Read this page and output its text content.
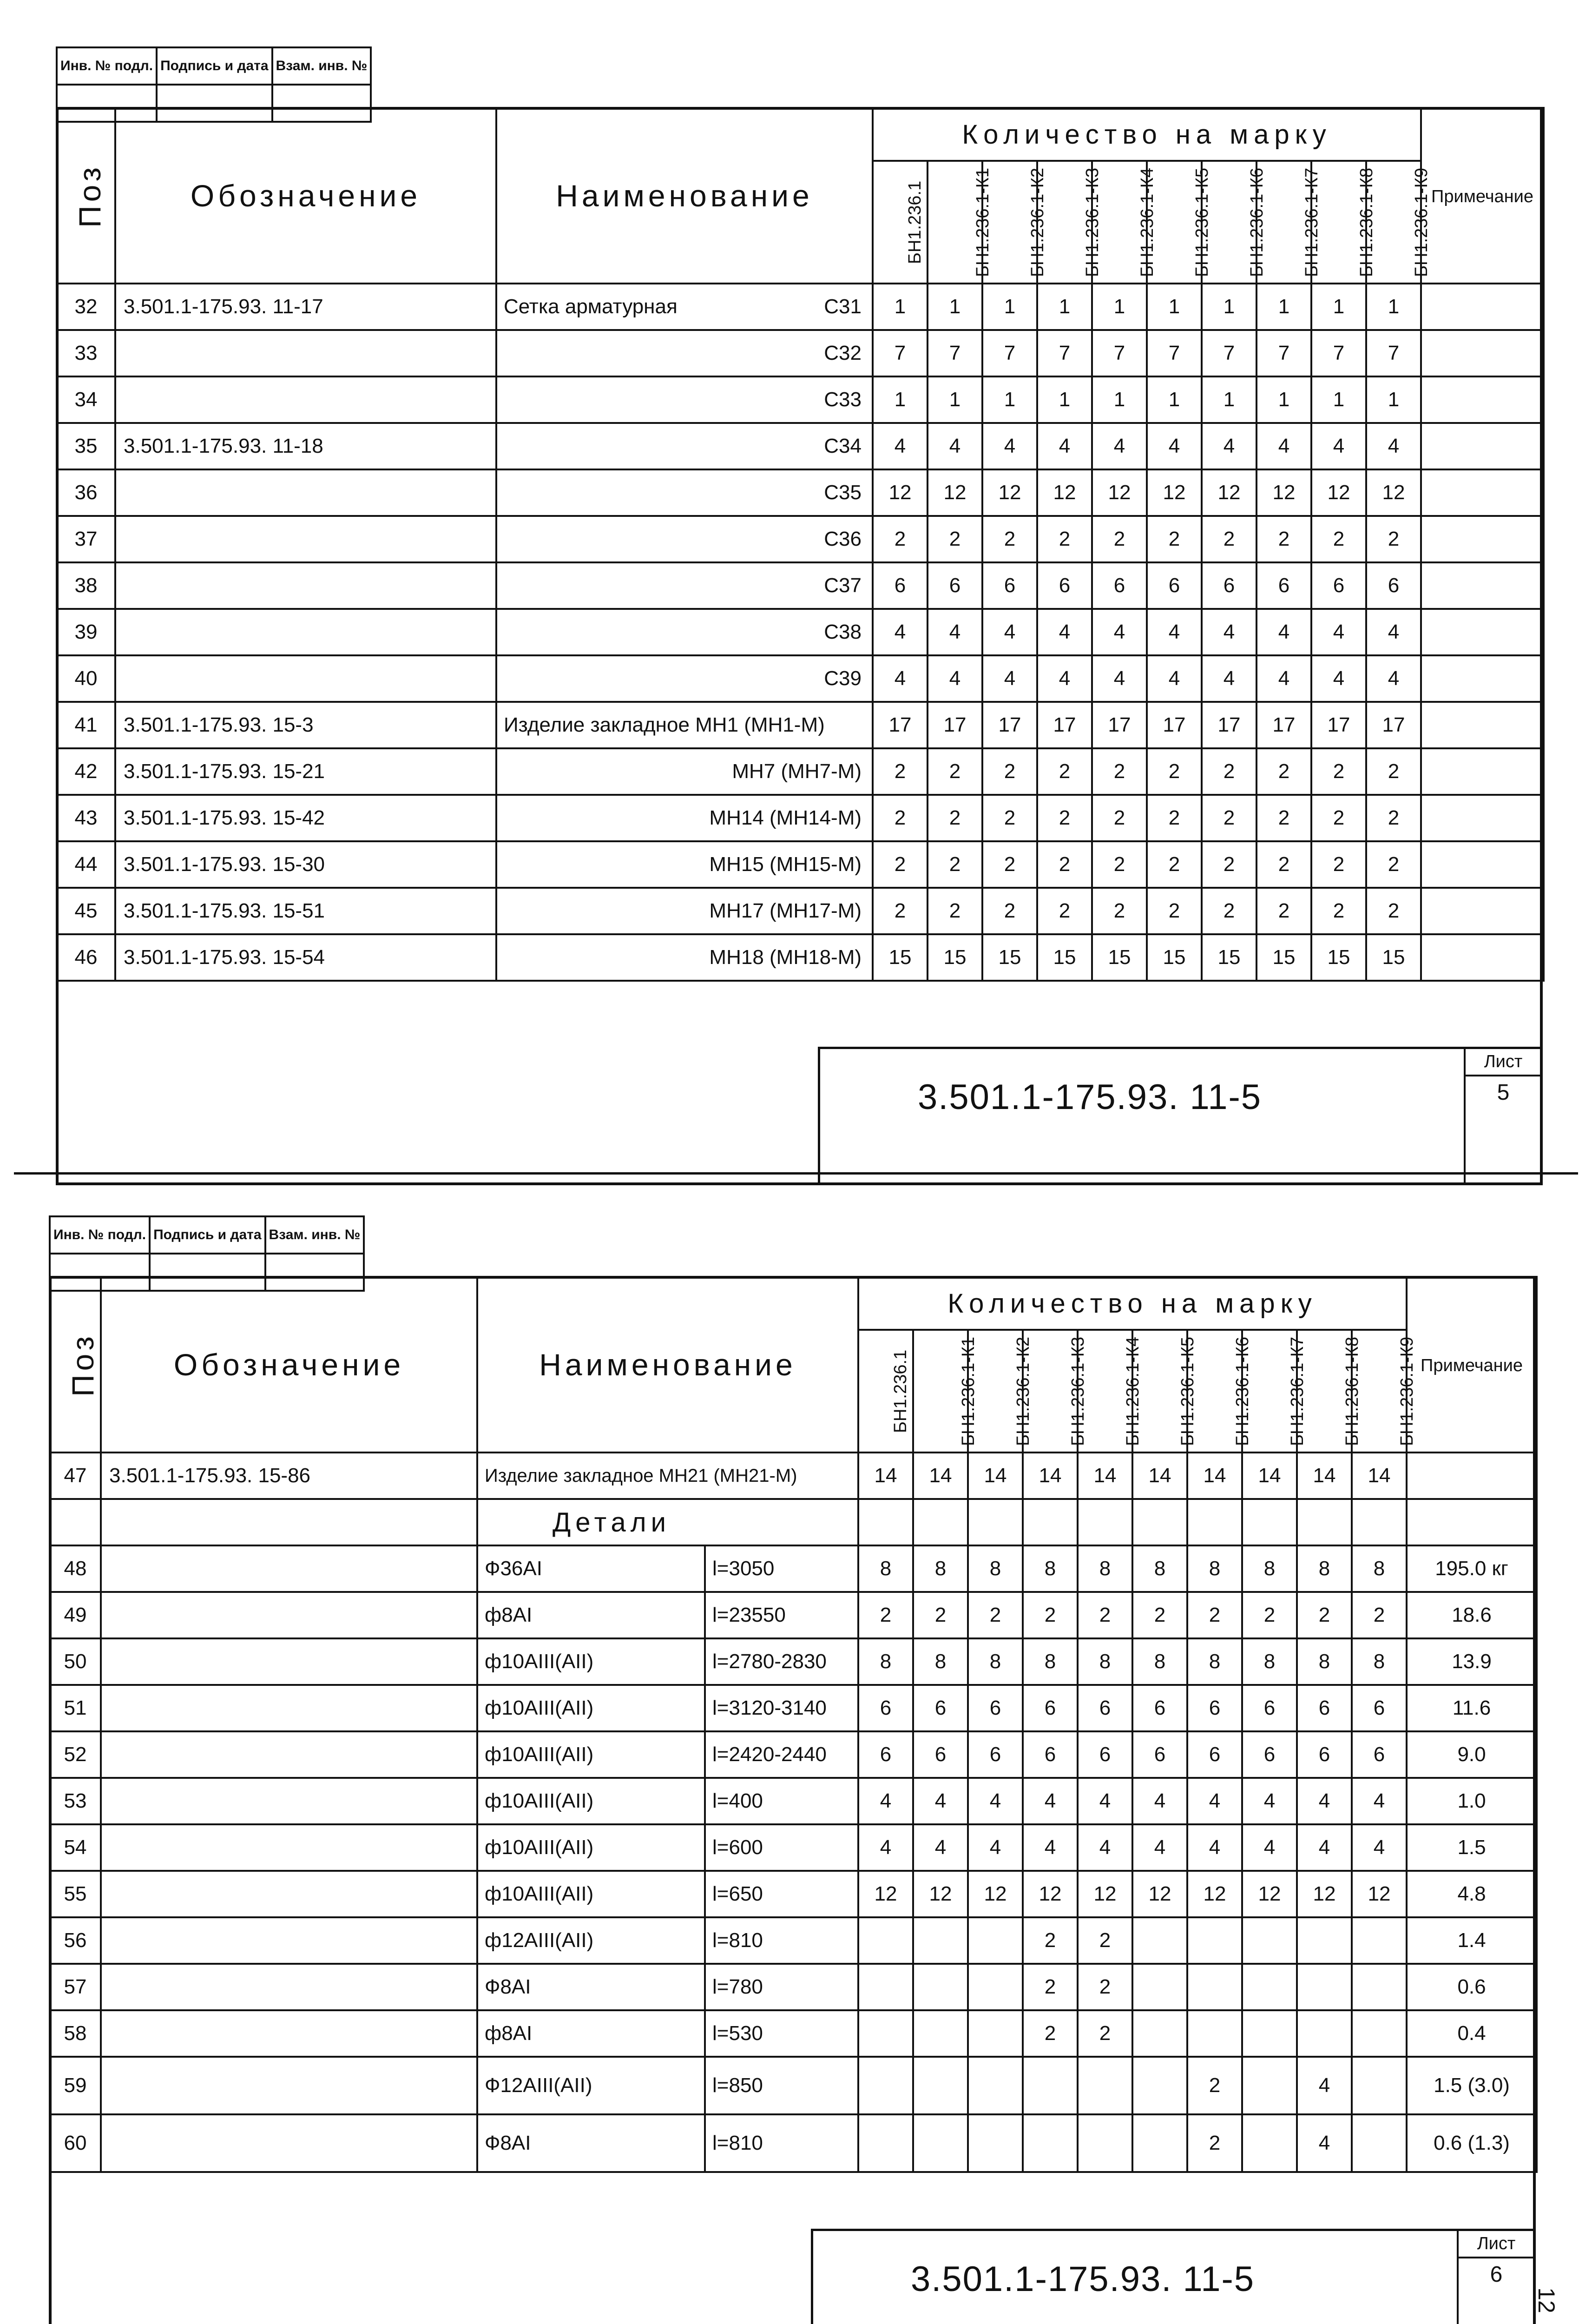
Инв. № подл.	Подпись и дата	Взам. инв. №

Поз	Обозначение	Наименование	Количество на марку										Примечание
			БН1.236.1	БН1.236.1-К1	БН1.236.1-К2	БН1.236.1-К3	БН1.236.1-К4	БН1.236.1-К5	БН1.236.1-К6	БН1.236.1-К7	БН1.236.1-К8	БН1.236.1-К9	
32	3.501.1-175.93. 11-17	Сетка арматурная С31	1	1	1	1	1	1	1	1	1	1	
33		С32	7	7	7	7	7	7	7	7	7	7	
34		С33	1	1	1	1	1	1	1	1	1	1	
35	3.501.1-175.93. 11-18	С34	4	4	4	4	4	4	4	4	4	4	
36		С35	12	12	12	12	12	12	12	12	12	12	
37		С36	2	2	2	2	2	2	2	2	2	2	
38		С37	6	6	6	6	6	6	6	6	6	6	
39		С38	4	4	4	4	4	4	4	4	4	4	
40		С39	4	4	4	4	4	4	4	4	4	4	
41	3.501.1-175.93. 15-3	Изделие закладное МН1 (МН1-М)	17	17	17	17	17	17	17	17	17	17	
42	3.501.1-175.93. 15-21	МН7 (МН7-М)	2	2	2	2	2	2	2	2	2	2	
43	3.501.1-175.93. 15-42	МН14 (МН14-М)	2	2	2	2	2	2	2	2	2	2	
44	3.501.1-175.93. 15-30	МН15 (МН15-М)	2	2	2	2	2	2	2	2	2	2	
45	3.501.1-175.93. 15-51	МН17 (МН17-М)	2	2	2	2	2	2	2	2	2	2	
46	3.501.1-175.93. 15-54	МН18 (МН18-М)	15	15	15	15	15	15	15	15	15	15	

3.501.1-175.93. 11-5
Лист
5
Инв. № подл.	Подпись и дата	Взам. инв. №

Поз	Обозначение	Наименование		Количество на марку										Примечание
				БН1.236.1	БН1.236.1-К1	БН1.236.1-К2	БН1.236.1-К3	БН1.236.1-К4	БН1.236.1-К5	БН1.236.1-К6	БН1.236.1-К7	БН1.236.1-К8	БН1.236.1-К9	
47	3.501.1-175.93. 15-86	Изделие закладное МН21 (МН21-М)		14	14	14	14	14	14	14	14	14	14	
		Детали												
48		Ф36АI	l=3050	8	8	8	8	8	8	8	8	8	8	195.0 кг
49		ф8АI	l=23550	2	2	2	2	2	2	2	2	2	2	18.6
50		ф10АIII(АII)	l=2780-2830	8	8	8	8	8	8	8	8	8	8	13.9
51		ф10АIII(АII)	l=3120-3140	6	6	6	6	6	6	6	6	6	6	11.6
52		ф10АIII(АII)	l=2420-2440	6	6	6	6	6	6	6	6	6	6	9.0
53		ф10АIII(АII)	l=400	4	4	4	4	4	4	4	4	4	4	1.0
54		ф10АIII(АII)	l=600	4	4	4	4	4	4	4	4	4	4	1.5
55		ф10АIII(АII)	l=650	12	12	12	12	12	12	12	12	12	12	4.8
56		ф12АIII(АII)	l=810				2	2						1.4
57		Ф8АI	l=780				2	2						0.6
58		ф8АI	l=530				2	2						0.4
59		Ф12АIII(АII)	l=850							2		4		1.5 (3.0)
60		Ф8АI	l=810							2		4		0.6 (1.3)
3.501.1-175.93. 11-5
Лист
6
12
